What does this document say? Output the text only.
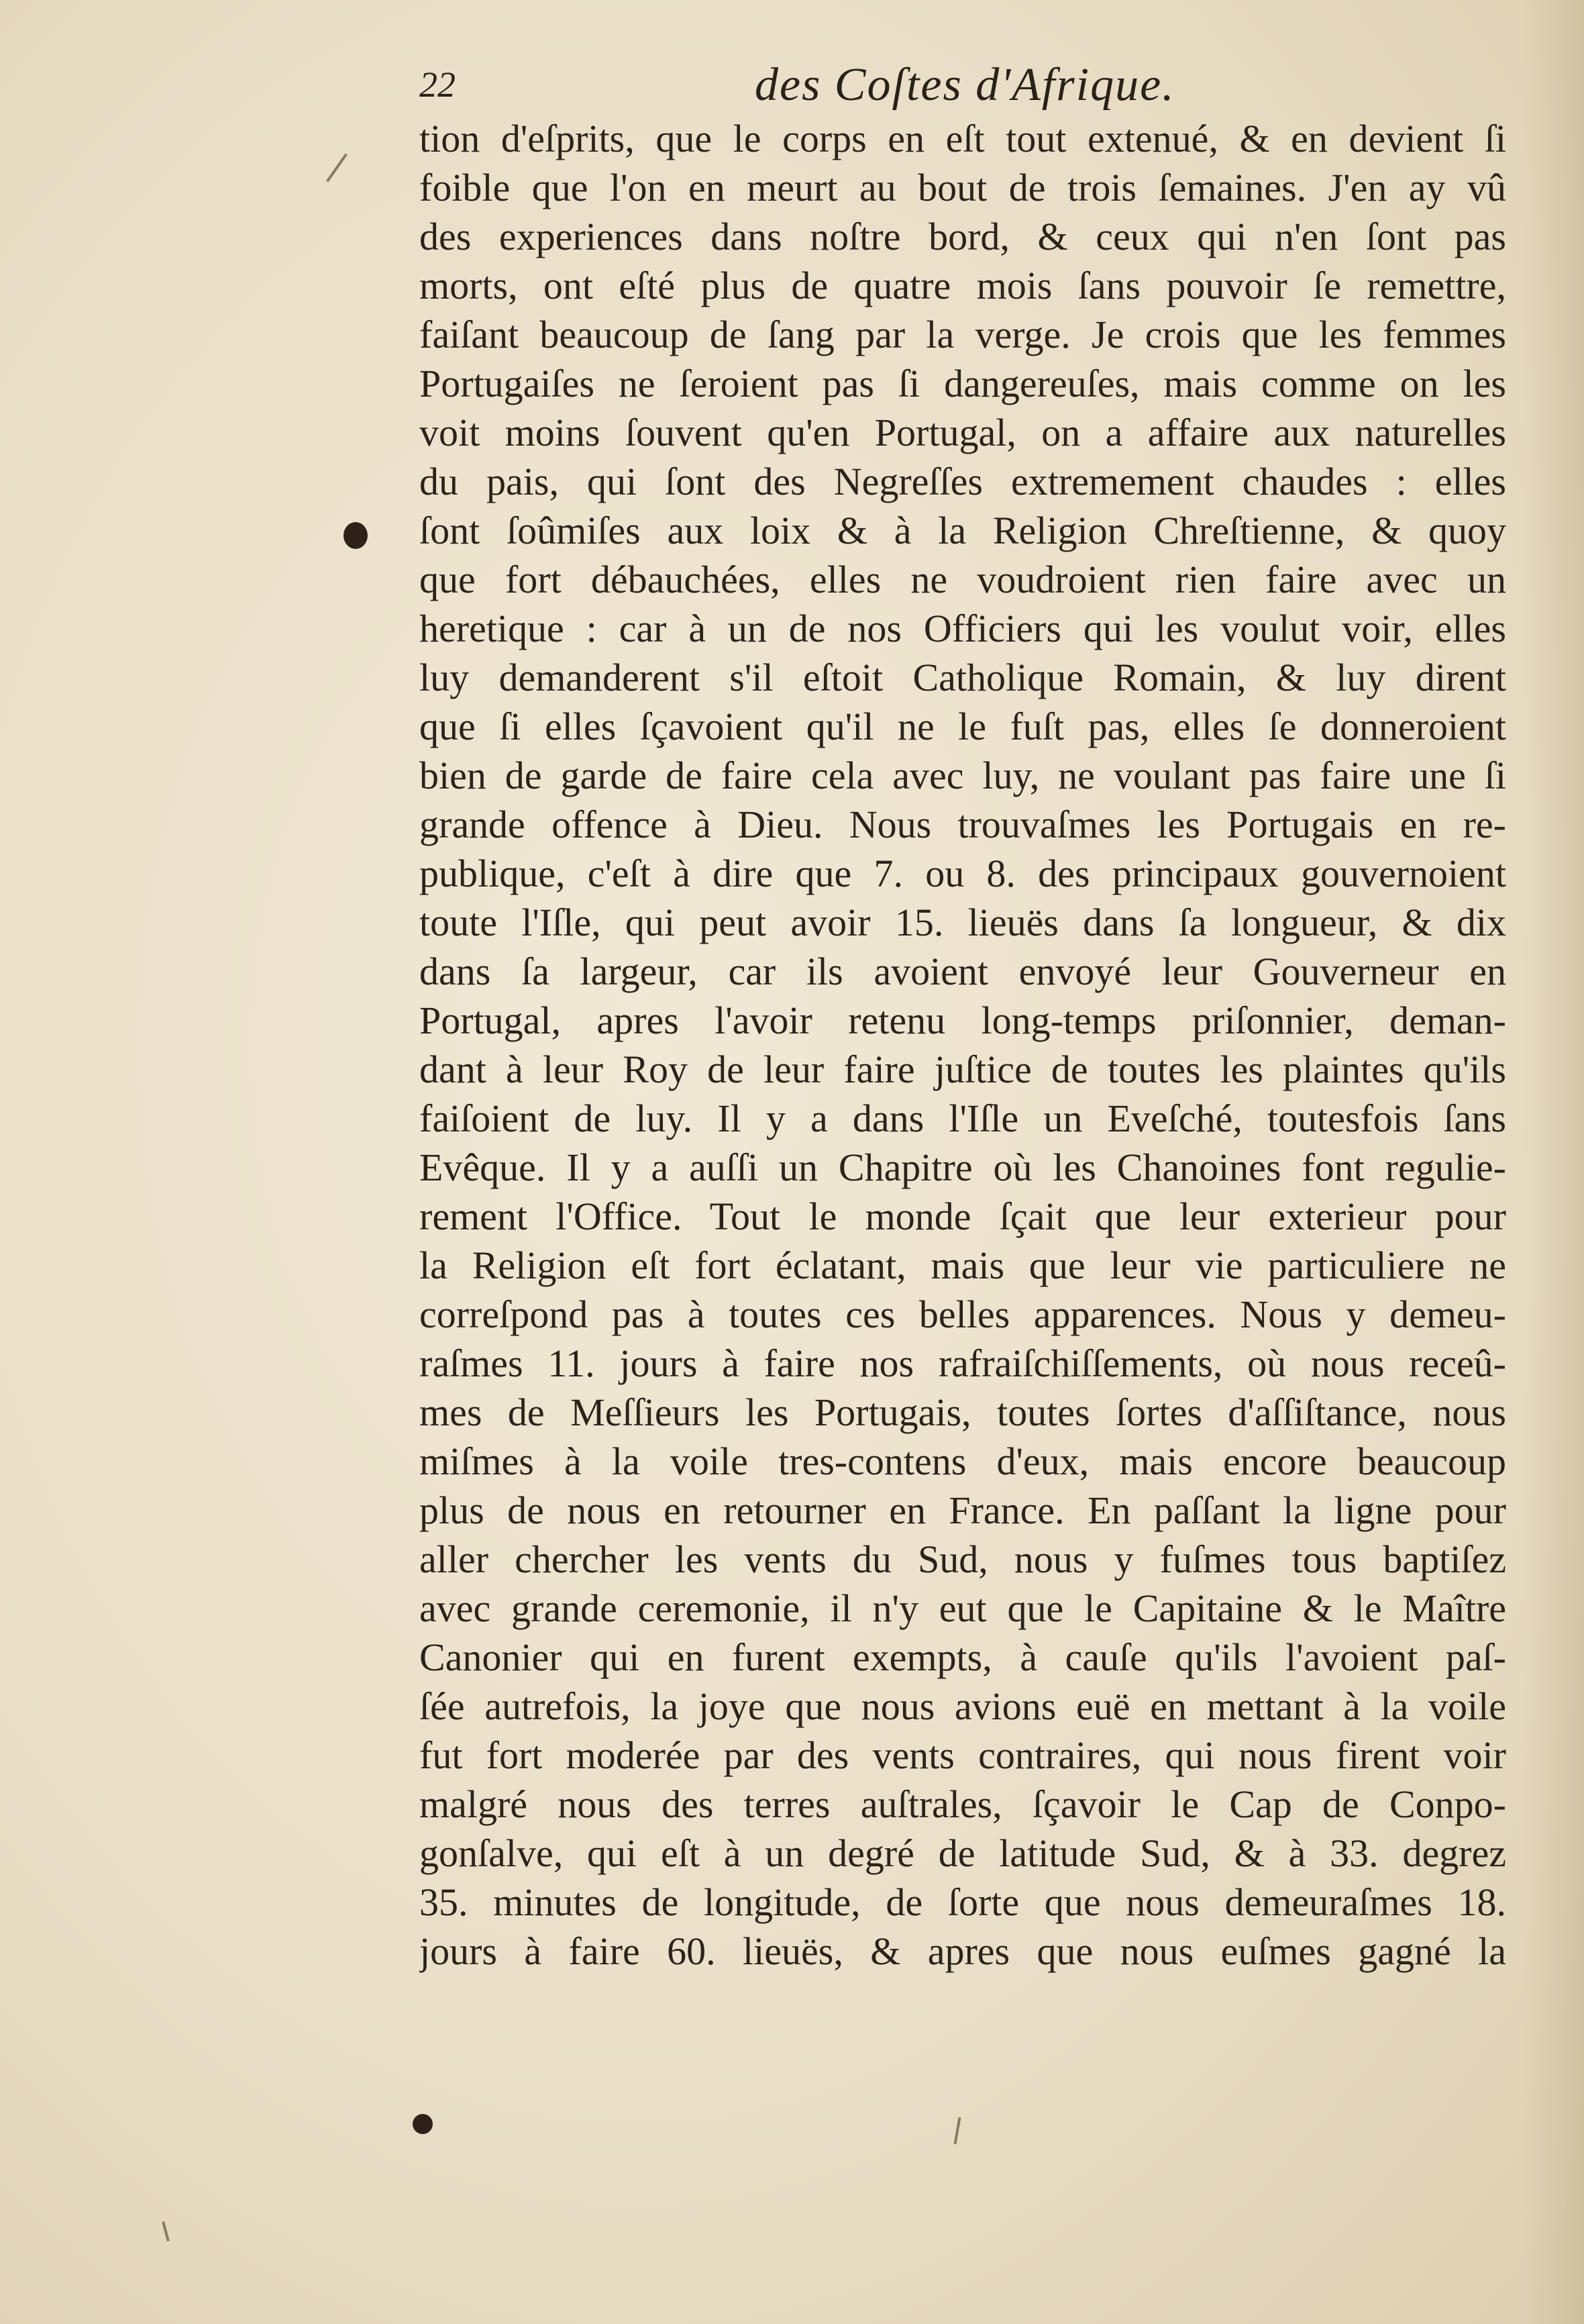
22	des Coſtes d'Afrique.
tion d'eſprits, que le corps en eſt tout extenué, & en devient ſi
foible que l'on en meurt au bout de trois ſemaines. J'en ay vû
des experiences dans noſtre bord, & ceux qui n'en ſont pas
morts, ont eſté plus de quatre mois ſans pouvoir ſe remettre,
faiſant beaucoup de ſang par la verge. Je crois que les femmes
Portugaiſes ne ſeroient pas ſi dangereuſes, mais comme on les
voit moins ſouvent qu'en Portugal, on a affaire aux naturelles
du pais, qui ſont des Negreſſes extremement chaudes : elles
ſont ſoûmiſes aux loix & à la Religion Chreſtienne, & quoy
que fort débauchées, elles ne voudroient rien faire avec un
heretique : car à un de nos Officiers qui les voulut voir, elles
luy demanderent s'il eſtoit Catholique Romain, & luy dirent
que ſi elles ſçavoient qu'il ne le fuſt pas, elles ſe donneroient
bien de garde de faire cela avec luy, ne voulant pas faire une ſi
grande offence à Dieu. Nous trouvaſmes les Portugais en re-
publique, c'eſt à dire que 7. ou 8. des principaux gouvernoient
toute l'Iſle, qui peut avoir 15. lieuës dans ſa longueur, & dix
dans ſa largeur, car ils avoient envoyé leur Gouverneur en
Portugal, apres l'avoir retenu long-temps priſonnier, deman-
dant à leur Roy de leur faire juſtice de toutes les plaintes qu'ils
faiſoient de luy. Il y a dans l'Iſle un Eveſché, toutesfois ſans
Evêque. Il y a auſſi un Chapitre où les Chanoines font regulie-
rement l'Office. Tout le monde ſçait que leur exterieur pour
la Religion eſt fort éclatant, mais que leur vie particuliere ne
correſpond pas à toutes ces belles apparences. Nous y demeu-
raſmes 11. jours à faire nos rafraiſchiſſements, où nous receû-
mes de Meſſieurs les Portugais, toutes ſortes d'aſſiſtance, nous
miſmes à la voile tres-contens d'eux, mais encore beaucoup
plus de nous en retourner en France. En paſſant la ligne pour
aller chercher les vents du Sud, nous y fuſmes tous baptiſez
avec grande ceremonie, il n'y eut que le Capitaine & le Maître
Canonier qui en furent exempts, à cauſe qu'ils l'avoient paſ-
ſée autrefois, la joye que nous avions euë en mettant à la voile
fut fort moderée par des vents contraires, qui nous firent voir
malgré nous des terres auſtrales, ſçavoir le Cap de Conpo-
gonſalve, qui eſt à un degré de latitude Sud, & à 33. degrez
35. minutes de longitude, de ſorte que nous demeuraſmes 18.
jours à faire 60. lieuës, & apres que nous euſmes gagné la
